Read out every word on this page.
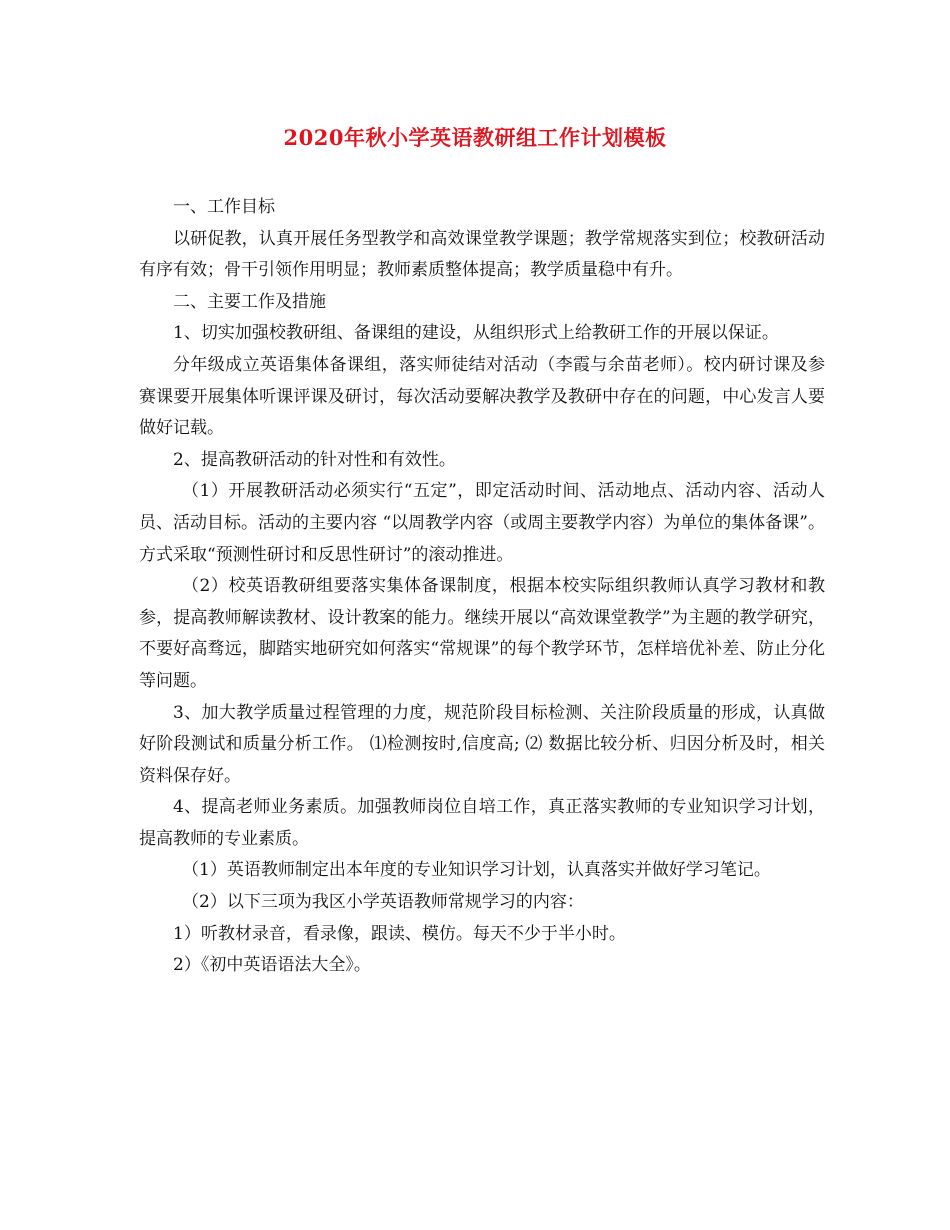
2020年秋小学英语教研组工作计划模板

一、工作目标

以研促教，认真开展任务型教学和高效课堂教学课题；教学常规落实到位；校教研活动有序有效；骨干引领作用明显；教师素质整体提高；教学质量稳中有升。

二、主要工作及措施

1、切实加强校教研组、备课组的建设，从组织形式上给教研工作的开展以保证。

分年级成立英语集体备课组，落实师徒结对活动（李霞与余苗老师）。校内研讨课及参赛课要开展集体听课评课及研讨，每次活动要解决教学及教研中存在的问题，中心发言人要做好记载。

2、提高教研活动的针对性和有效性。

（1）开展教研活动必须实行“五定”，即定活动时间、活动地点、活动内容、活动人员、活动目标。活动的主要内容 “以周教学内容（或周主要教学内容）为单位的集体备课”。方式采取“预测性研讨和反思性研讨”的滚动推进。

（2）校英语教研组要落实集体备课制度，根据本校实际组织教师认真学习教材和教参，提高教师解读教材、设计教案的能力。继续开展以“高效课堂教学”为主题的教学研究，不要好高骛远，脚踏实地研究如何落实“常规课”的每个教学环节，怎样培优补差、防止分化等问题。

3、加大教学质量过程管理的力度，规范阶段目标检测、关注阶段质量的形成，认真做好阶段测试和质量分析工作。 ⑴检测按时,信度高; ⑵ 数据比较分析、归因分析及时，相关资料保存好。

4、提高老师业务素质。加强教师岗位自培工作，真正落实教师的专业知识学习计划，提高教师的专业素质。

（1）英语教师制定出本年度的专业知识学习计划，认真落实并做好学习笔记。

（2）以下三项为我区小学英语教师常规学习的内容：

1）听教材录音，看录像，跟读、模仿。每天不少于半小时。

2）《初中英语语法大全》。
